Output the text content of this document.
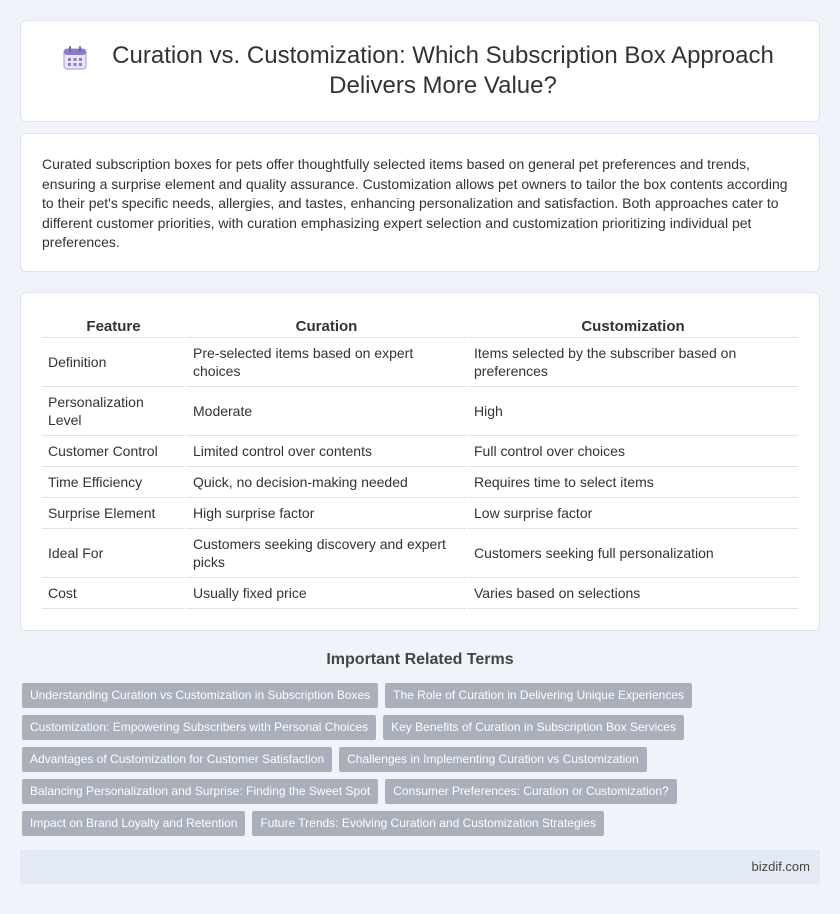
Curation vs. Customization: Which Subscription Box Approach Delivers More Value?

Curated subscription boxes for pets offer thoughtfully selected items based on general pet preferences and trends, ensuring a surprise element and quality assurance. Customization allows pet owners to tailor the box contents according to their pet's specific needs, allergies, and tastes, enhancing personalization and satisfaction. Both approaches cater to different customer priorities, with curation emphasizing expert selection and customization prioritizing individual pet preferences.

Feature	Curation	Customization
Definition	Pre-selected items based on expert choices	Items selected by the subscriber based on preferences
Personalization Level	Moderate	High
Customer Control	Limited control over contents	Full control over choices
Time Efficiency	Quick, no decision-making needed	Requires time to select items
Surprise Element	High surprise factor	Low surprise factor
Ideal For	Customers seeking discovery and expert picks	Customers seeking full personalization
Cost	Usually fixed price	Varies based on selections
Important Related Terms
Understanding Curation vs Customization in Subscription Boxes	The Role of Curation in Delivering Unique Experiences
Customization: Empowering Subscribers with Personal Choices	Key Benefits of Curation in Subscription Box Services
Advantages of Customization for Customer Satisfaction	Challenges in Implementing Curation vs Customization
Balancing Personalization and Surprise: Finding the Sweet Spot	Consumer Preferences: Curation or Customization?
Impact on Brand Loyalty and Retention	Future Trends: Evolving Curation and Customization Strategies
bizdif.com
